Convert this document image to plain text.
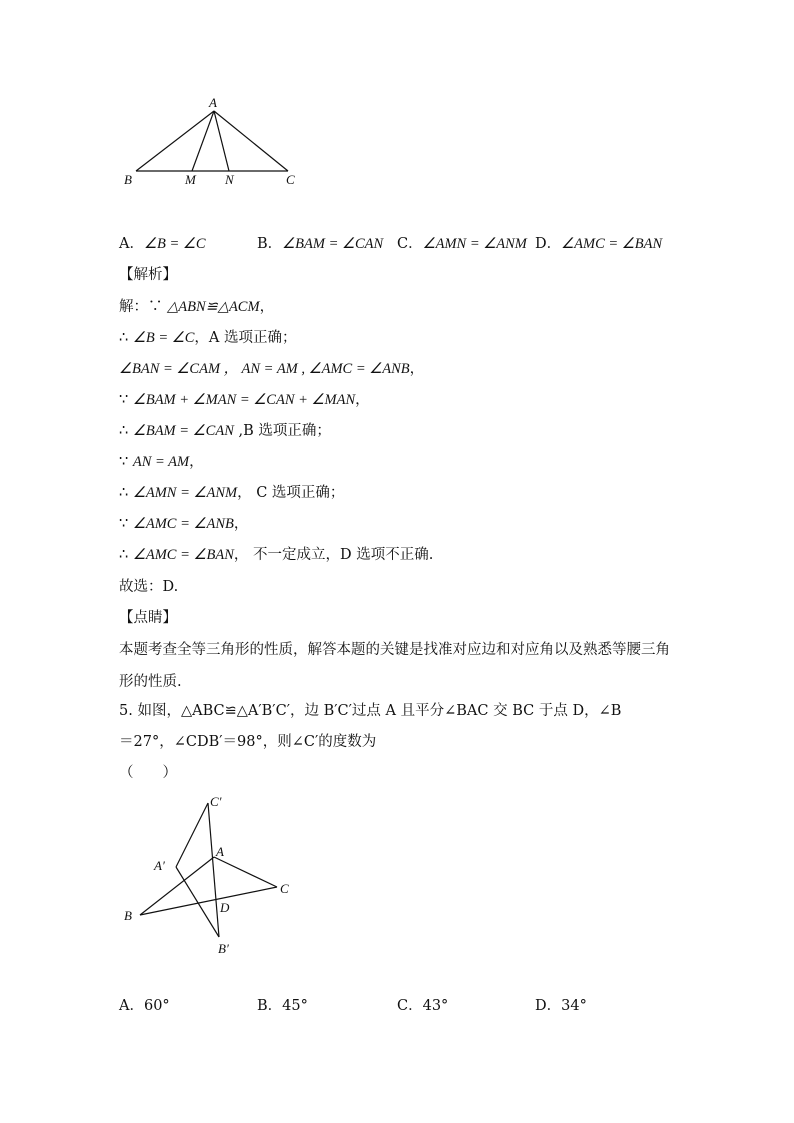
A
B	M N	C
A．∠B = ∠C	B．∠BAM = ∠CAN C．∠AMN = ∠ANM D．∠AMC = ∠BAN
【解析】
解：∵ △ABN≌△ACM，
∴ ∠B = ∠C，A 选项正确；
∠BAN = ∠CAM ， AN = AM , ∠AMC = ∠ANB，
∵ ∠BAM + ∠MAN = ∠CAN + ∠MAN，
∴ ∠BAM = ∠CAN ,B 选项正确；
∵ AN = AM，
∴ ∠AMN = ∠ANM， C 选项正确；
∵ ∠AMC = ∠ANB，
∴ ∠AMC = ∠BAN， 不一定成立，D 选项不正确.
故选：D.
【点睛】
本题考查全等三角形的性质，解答本题的关键是找准对应边和对应角以及熟悉等腰三角形的性质.
5. 如图，△ABC≌△A′B′C′，边 B′C′过点 A 且平分∠BAC 交 BC 于点 D，∠B
＝27°，∠CDB′＝98°，则∠C′的度数为
（　　）
C′
A′
A
C
B
D
B′
A．60°	B．45°	C．43°	D．34°
